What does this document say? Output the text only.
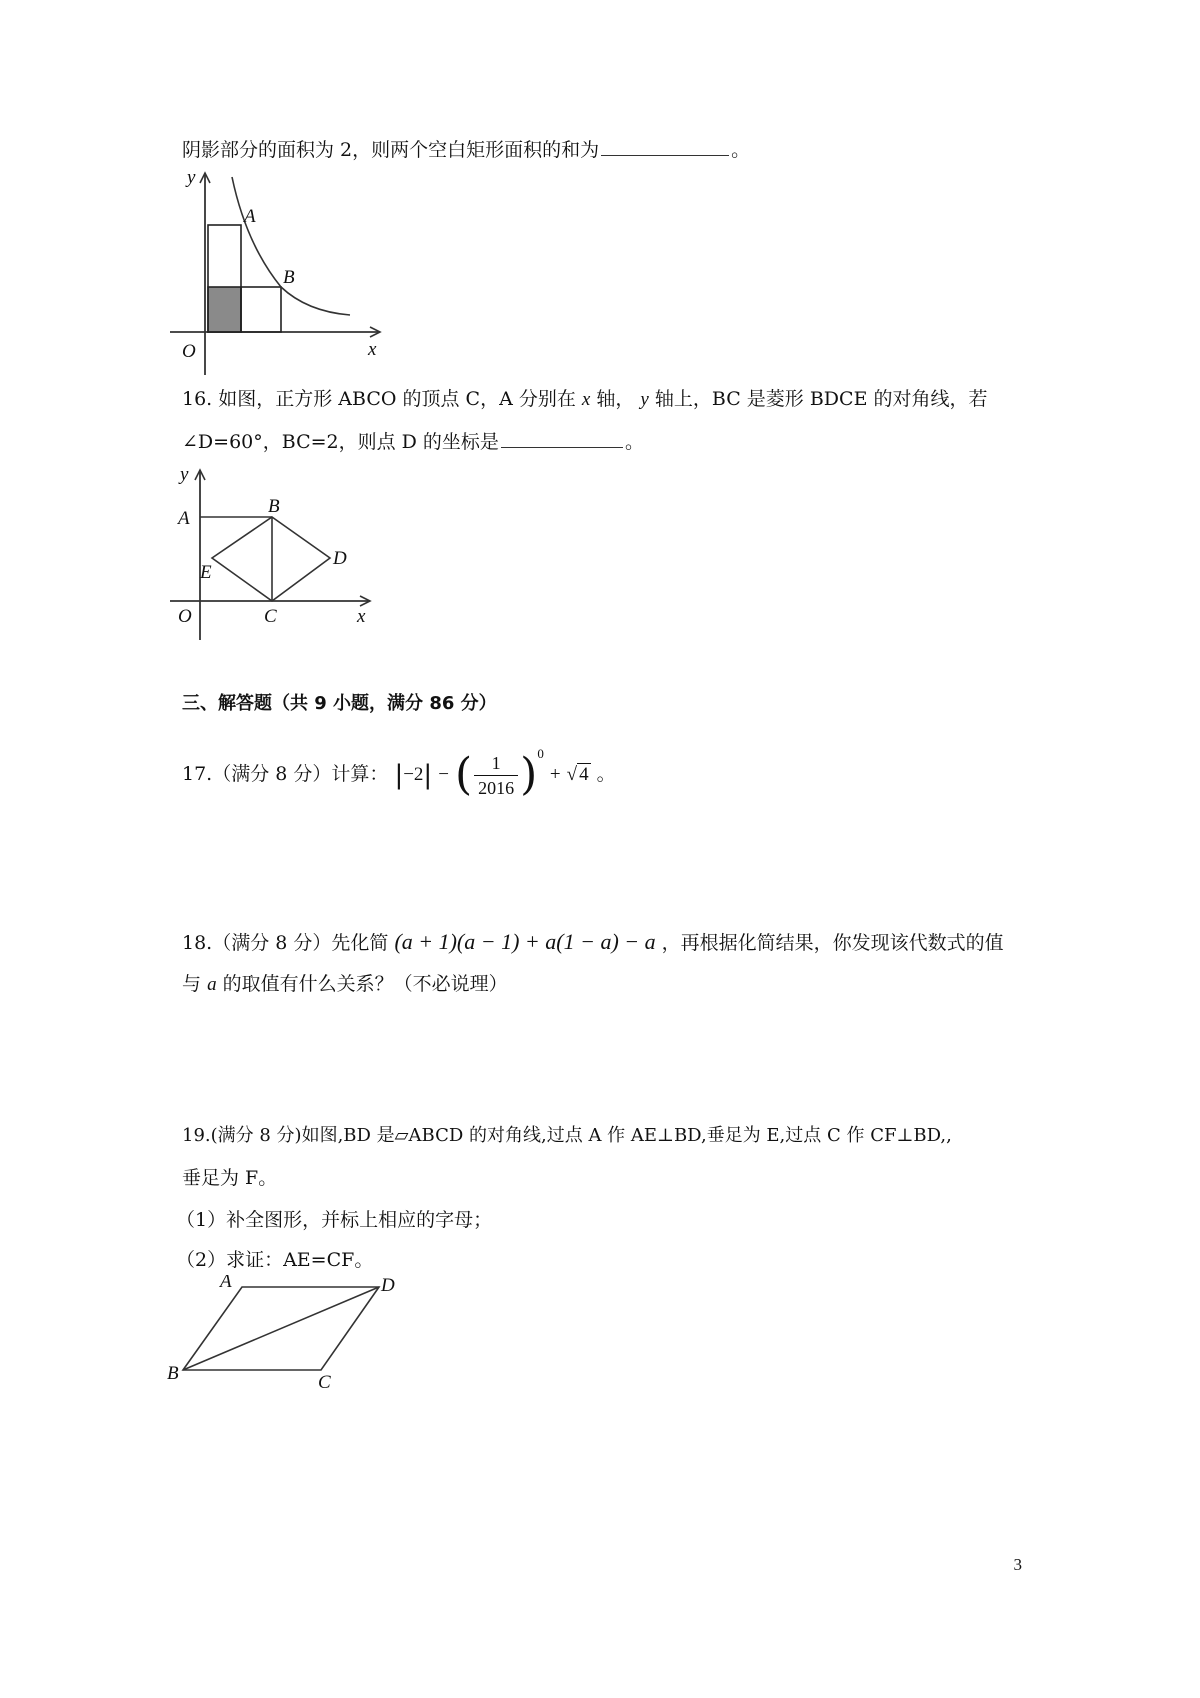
阴影部分的面积为 2，则两个空白矩形面积的和为	。
y
x
O
A
B
16. 如图，正方形 ABCO 的顶点 C，A 分别在 x 轴， y 轴上，BC 是菱形 BDCE 的对角线，若
∠D=60°，BC=2，则点 D 的坐标是	。
y
x
O
A
B
C
D
E
三、解答题（共 9 小题，满分 86 分）
17.（满分 8 分）计算： |−2| − ( $\frac{1}{2016} )^0$ + √ 4 。
18.（满分 8 分）先化简 (a + 1)(a − 1) + a(1 − a) − a ，再根据化简结果，你发现该代数式的值
与 a 的取值有什么关系？（不必说理）
19.(满分 8 分)如图,BD 是▱ABCD 的对角线,过点 A 作 AE⊥BD,垂足为 E,过点 C 作 CF⊥BD,,
垂足为 F。
（1）补全图形，并标上相应的字母；
（2）求证：AE=CF。
A	D
B	C
3
